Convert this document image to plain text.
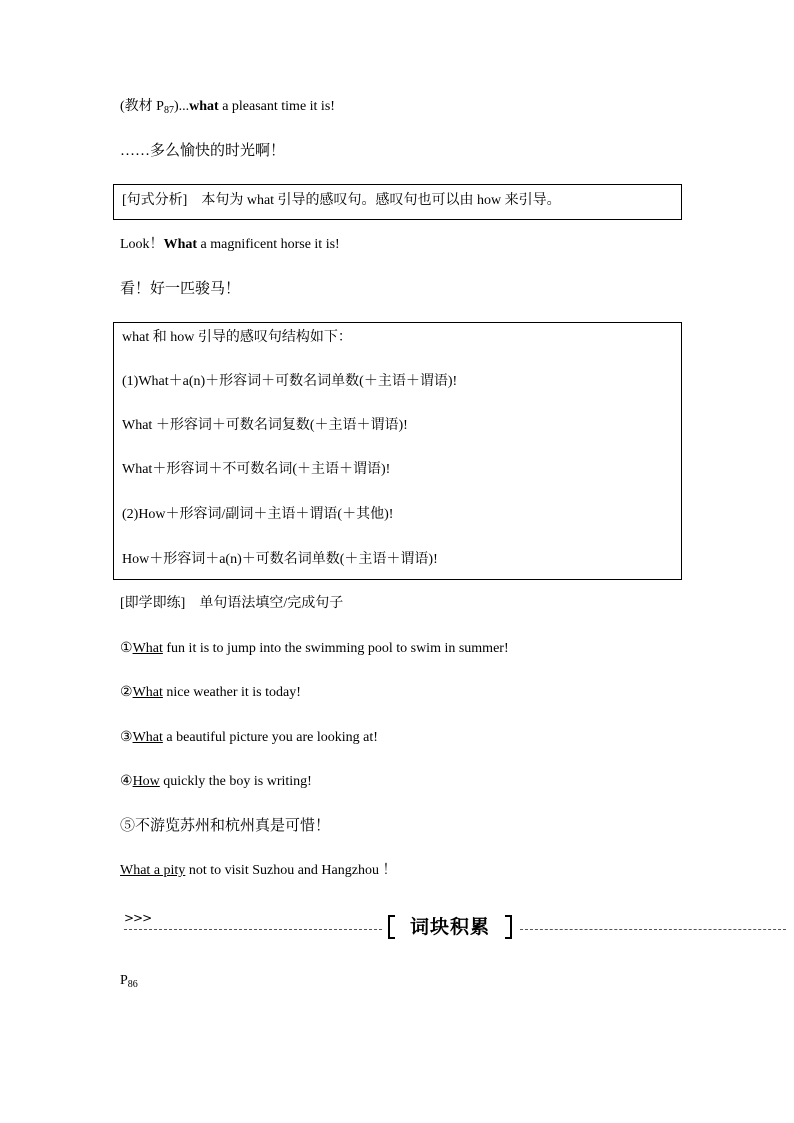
(教材 $P_{87})...what$ a pleasant time it is!
……多么愉快的时光啊！
[句式分析] 本句为 what 引导的感叹句。感叹句也可以由 how 来引导。
Look！What a magnificent horse it is!
看！好一匹骏马！
what 和 how 引导的感叹句结构如下：
(1)What＋a(n)＋形容词＋可数名词单数(＋主语＋谓语)!
What ＋形容词＋可数名词复数(＋主语＋谓语)!
What＋形容词＋不可数名词(＋主语＋谓语)!
(2)How＋形容词/副词＋主语＋谓语(＋其他)!
How＋形容词＋a(n)＋可数名词单数(＋主语＋谓语)!
[即学即练] 单句语法填空/完成句子
①What fun it is to jump into the swimming pool to swim in summer!
②What nice weather it is today!
③What a beautiful picture you are looking at!
④How quickly the boy is writing!
⑤不游览苏州和杭州真是可惜！
What a pity not to visit Suzhou and Hangzhou ！
>>>	词块积累
$P_{86}$
